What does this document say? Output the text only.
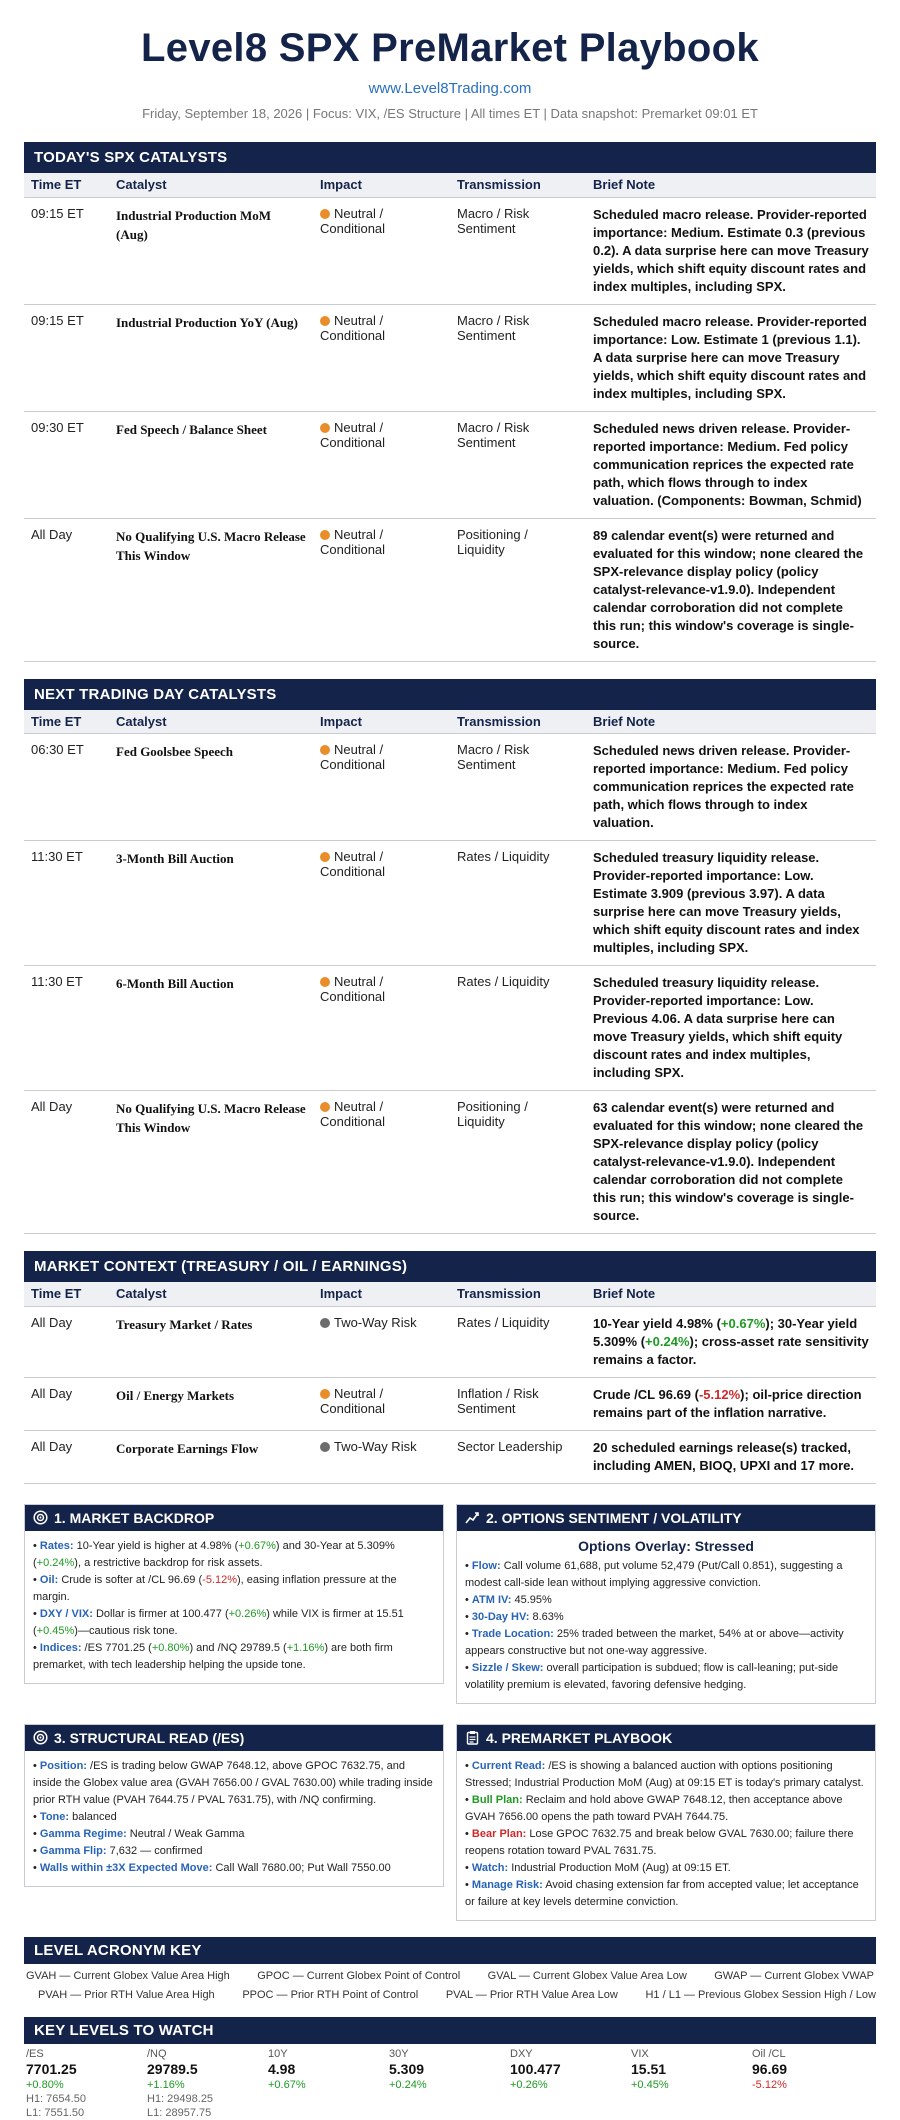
Level8 SPX PreMarket Playbook
www.Level8Trading.com
Friday, September 18, 2026 | Focus: VIX, /ES Structure | All times ET | Data snapshot: Premarket 09:01 ET
TODAY'S SPX CATALYSTS
Time ET	Catalyst	Impact	Transmission	Brief Note
09:15 ET	Industrial Production MoM (Aug)	Neutral / Conditional	Macro / Risk Sentiment	Scheduled macro release. Provider-reported importance: Medium. Estimate 0.3 (previous 0.2). A data surprise here can move Treasury yields, which shift equity discount rates and index multiples, including SPX.
09:15 ET	Industrial Production YoY (Aug)	Neutral / Conditional	Macro / Risk Sentiment	Scheduled macro release. Provider-reported importance: Low. Estimate 1 (previous 1.1). A data surprise here can move Treasury yields, which shift equity discount rates and index multiples, including SPX.
09:30 ET	Fed Speech / Balance Sheet	Neutral / Conditional	Macro / Risk Sentiment	Scheduled news driven release. Provider-reported importance: Medium. Fed policy communication reprices the expected rate path, which flows through to index valuation. (Components: Bowman, Schmid)
All Day	No Qualifying U.S. Macro Release This Window	Neutral / Conditional	Positioning / Liquidity	89 calendar event(s) were returned and evaluated for this window; none cleared the SPX-relevance display policy (policy catalyst-relevance-v1.9.0). Independent calendar corroboration did not complete this run; this window's coverage is single-source.
NEXT TRADING DAY CATALYSTS
Time ET	Catalyst	Impact	Transmission	Brief Note
06:30 ET	Fed Goolsbee Speech	Neutral / Conditional	Macro / Risk Sentiment	Scheduled news driven release. Provider-reported importance: Medium. Fed policy communication reprices the expected rate path, which flows through to index valuation.
11:30 ET	3-Month Bill Auction	Neutral / Conditional	Rates / Liquidity	Scheduled treasury liquidity release. Provider-reported importance: Low. Estimate 3.909 (previous 3.97). A data surprise here can move Treasury yields, which shift equity discount rates and index multiples, including SPX.
11:30 ET	6-Month Bill Auction	Neutral / Conditional	Rates / Liquidity	Scheduled treasury liquidity release. Provider-reported importance: Low. Previous 4.06. A data surprise here can move Treasury yields, which shift equity discount rates and index multiples, including SPX.
All Day	No Qualifying U.S. Macro Release This Window	Neutral / Conditional	Positioning / Liquidity	63 calendar event(s) were returned and evaluated for this window; none cleared the SPX-relevance display policy (policy catalyst-relevance-v1.9.0). Independent calendar corroboration did not complete this run; this window's coverage is single-source.
MARKET CONTEXT (TREASURY / OIL / EARNINGS)
Time ET	Catalyst	Impact	Transmission	Brief Note
All Day	Treasury Market / Rates	Two-Way Risk	Rates / Liquidity	10-Year yield 4.98% (+0.67%); 30-Year yield 5.309% (+0.24%); cross-asset rate sensitivity remains a factor.
All Day	Oil / Energy Markets	Neutral / Conditional	Inflation / Risk Sentiment	Crude /CL 96.69 (-5.12%); oil-price direction remains part of the inflation narrative.
All Day	Corporate Earnings Flow	Two-Way Risk	Sector Leadership	20 scheduled earnings release(s) tracked, including AMEN, BIOQ, UPXI and 17 more.
1. MARKET BACKDROP
• Rates: 10-Year yield is higher at 4.98% (+0.67%) and 30-Year at 5.309% (+0.24%), a restrictive backdrop for risk assets.
• Oil: Crude is softer at /CL 96.69 (-5.12%), easing inflation pressure at the margin.
• DXY / VIX: Dollar is firmer at 100.477 (+0.26%) while VIX is firmer at 15.51 (+0.45%)—cautious risk tone.
• Indices: /ES 7701.25 (+0.80%) and /NQ 29789.5 (+1.16%) are both firm premarket, with tech leadership helping the upside tone.
2. OPTIONS SENTIMENT / VOLATILITY
Options Overlay: Stressed
• Flow: Call volume 61,688, put volume 52,479 (Put/Call 0.851), suggesting a modest call-side lean without implying aggressive conviction.
• ATM IV: 45.95%
• 30-Day HV: 8.63%
• Trade Location: 25% traded between the market, 54% at or above—activity appears constructive but not one-way aggressive.
• Sizzle / Skew: overall participation is subdued; flow is call-leaning; put-side volatility premium is elevated, favoring defensive hedging.
3. STRUCTURAL READ (/ES)
• Position: /ES is trading below GWAP 7648.12, above GPOC 7632.75, and inside the Globex value area (GVAH 7656.00 / GVAL 7630.00) while trading inside prior RTH value (PVAH 7644.75 / PVAL 7631.75), with /NQ confirming.
• Tone: balanced
• Gamma Regime: Neutral / Weak Gamma
• Gamma Flip: 7,632 — confirmed
• Walls within ±3X Expected Move: Call Wall 7680.00; Put Wall 7550.00
4. PREMARKET PLAYBOOK
• Current Read: /ES is showing a balanced auction with options positioning Stressed; Industrial Production MoM (Aug) at 09:15 ET is today's primary catalyst.
• Bull Plan: Reclaim and hold above GWAP 7648.12, then acceptance above GVAH 7656.00 opens the path toward PVAH 7644.75.
• Bear Plan: Lose GPOC 7632.75 and break below GVAL 7630.00; failure there reopens rotation toward PVAL 7631.75.
• Watch: Industrial Production MoM (Aug) at 09:15 ET.
• Manage Risk: Avoid chasing extension far from accepted value; let acceptance or failure at key levels determine conviction.
LEVEL ACRONYM KEY
GVAH — Current Globex Value Area High GPOC — Current Globex Point of Control GVAL — Current Globex Value Area Low GWAP — Current Globex VWAP
PVAH — Prior RTH Value Area High	PPOC — Prior RTH Point of Control	PVAL — Prior RTH Value Area Low	H1 / L1 — Previous Globex Session High / Low
KEY LEVELS TO WATCH
/ES
7701.25
+0.80%
H1: 7654.50
L1: 7551.50
/NQ
29789.5
+1.16%
H1: 29498.25
L1: 28957.75
10Y
4.98
+0.67%
30Y
5.309
+0.24%
DXY
100.477
+0.26%
VIX
15.51
+0.45%
Oil /CL
96.69
-5.12%
